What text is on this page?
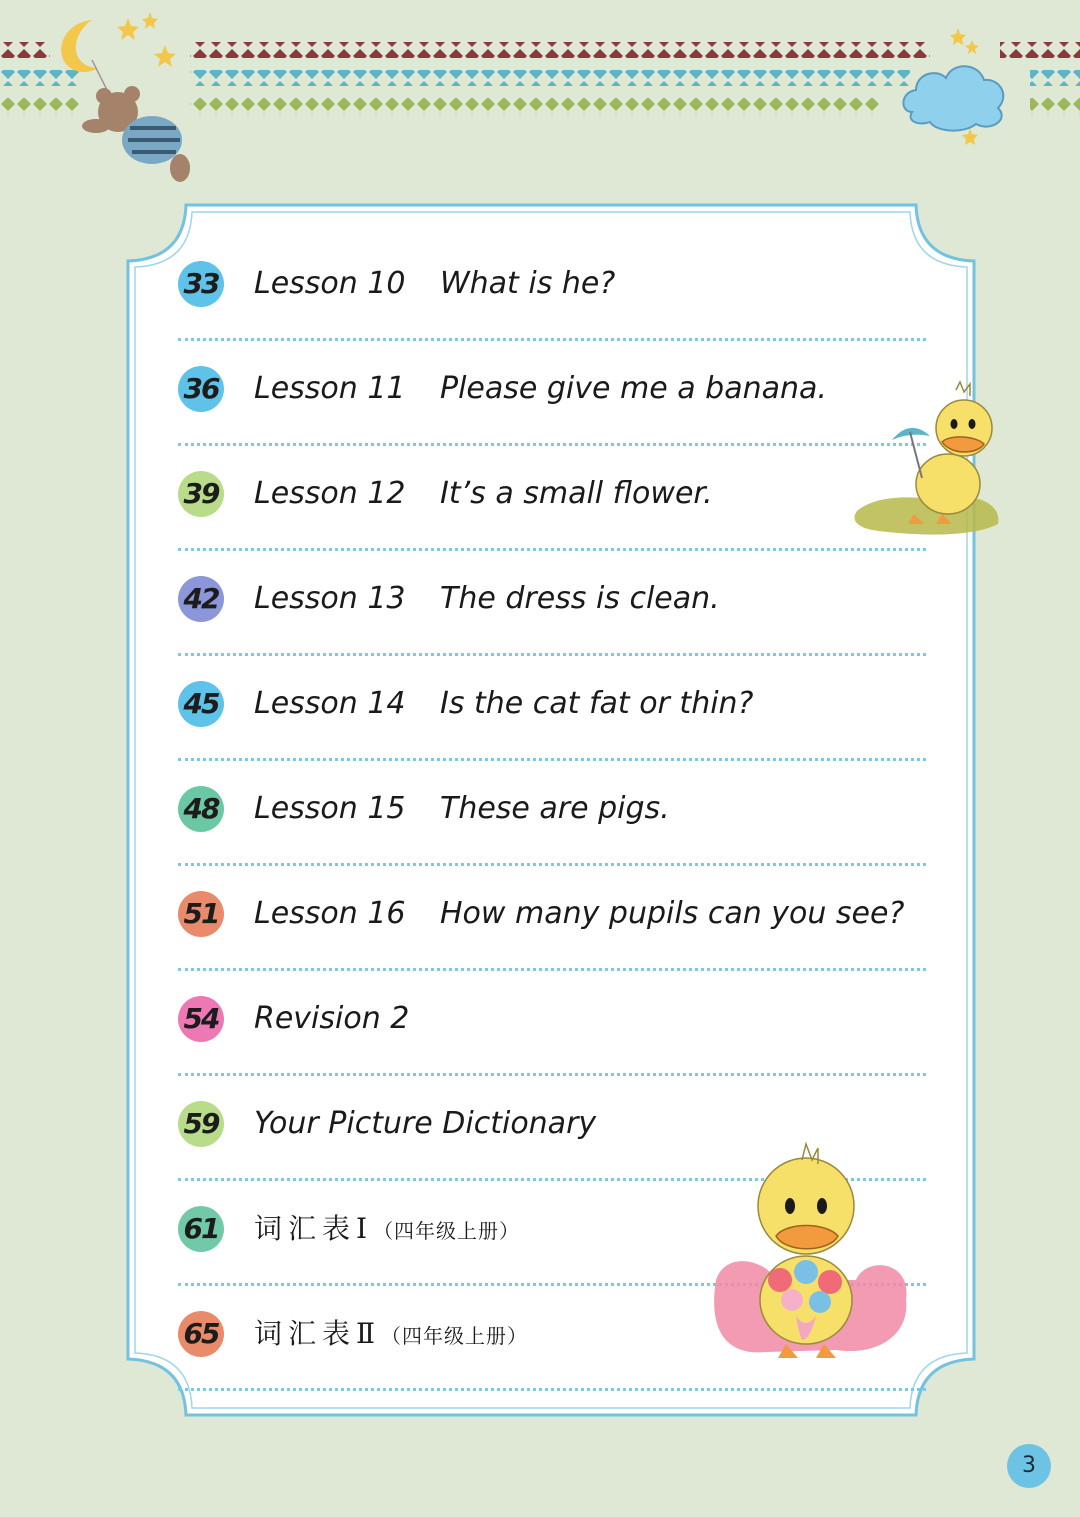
33 Lesson 10 What is he?
36 Lesson 11 Please give me a banana.
39 Lesson 12 It’s a small flower.
42 Lesson 13 The dress is clean.
45 Lesson 14 Is the cat fat or thin?
48 Lesson 15 These are pigs.
51 Lesson 16 How many pupils can you see?
54 Revision 2
59 Your Picture Dictionary
61 词汇表Ⅰ（四年级上册）
65 词汇表Ⅱ（四年级上册）
3
